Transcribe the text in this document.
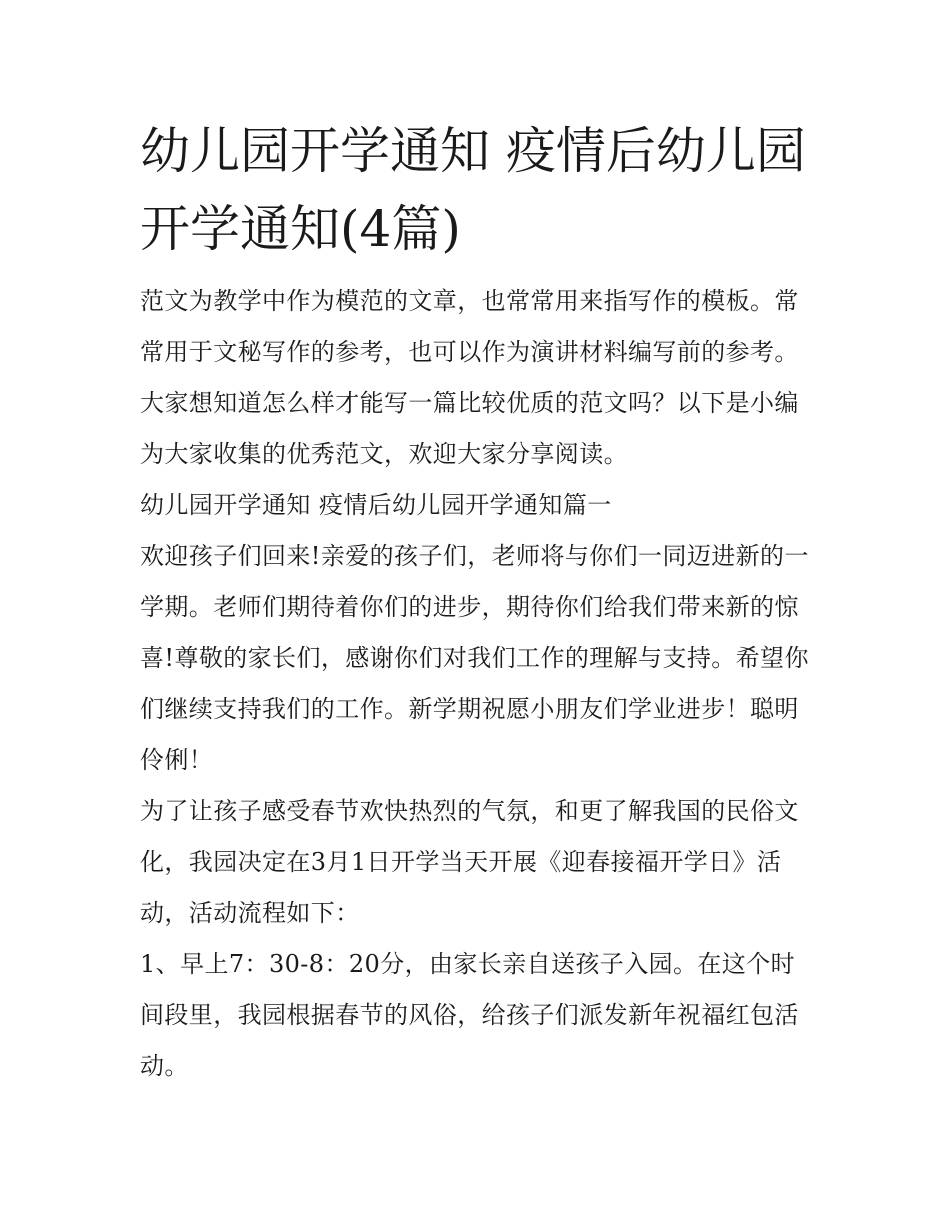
幼儿园开学通知 疫情后幼儿园开学通知(4篇)

范文为教学中作为模范的文章，也常常用来指写作的模板。常常用于文秘写作的参考，也可以作为演讲材料编写前的参考。大家想知道怎么样才能写一篇比较优质的范文吗？以下是小编为大家收集的优秀范文，欢迎大家分享阅读。

幼儿园开学通知 疫情后幼儿园开学通知篇一

欢迎孩子们回来!亲爱的孩子们，老师将与你们一同迈进新的一学期。老师们期待着你们的进步，期待你们给我们带来新的惊喜!尊敬的家长们，感谢你们对我们工作的理解与支持。希望你们继续支持我们的工作。新学期祝愿小朋友们学业进步！聪明伶俐！

为了让孩子感受春节欢快热烈的气氛，和更了解我国的民俗文化，我园决定在3月1日开学当天开展《迎春接福开学日》活动，活动流程如下：

1、早上7：30-8：20分，由家长亲自送孩子入园。在这个时间段里，我园根据春节的风俗，给孩子们派发新年祝福红包活动。
